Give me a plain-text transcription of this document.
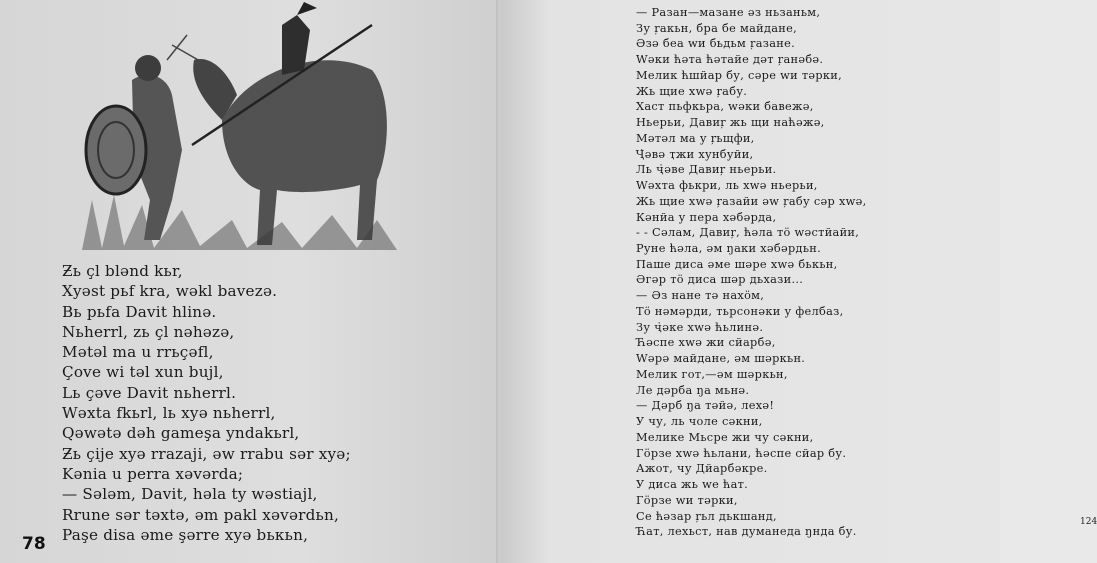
Ƶь çl blənd kьr,
Xyəst pьf kra, wəkl bavezə.
Вь pьfa Davit hlinə.
Nьherrl, zь çl nəhəzə,
Mətəl ma u rrьçəfl,
Çove wi təl xun bujl,
Lь çəve Davit nьherrl.
Wəxta fkьrl, lь xyə nьherrl,
Qəwətə dəh gameşa yndakьrl,
Ƶь çije xyə rrazaji, əw rrabu sər xyə;
Kənia u perra xəvərda;
— Sələm, Davit, həla ty wəstiajl,
Rrune sər təxtə, əm pakl xəvərdьn,
Paşe disa əme şərre xyə bькьn,
78
124
— Разан—мазане əз ньзаньм,
Зу ŗакьн, бра бе майдане,
Əзə беа wи бьдьм ŗазане.
Wəки ћəта ћəтайе дəт ŗанəбə.
Мелик ћшйар бу, сəре wи тəрки,
Жь щие хwə ŗабу.
Хаст пьфкьра, wəки бавежə,
Ньерьи, Давиŗ жь щи наћəжə,
Мəтəл ма у ŗьщфи,
Ҷ̇əвə ҭжи хунбуйи,
Ль ҷ̇əве Давиŗ ньерьи.
Wəхта фькри, ль хwə ньерьи,
Жь щие хwə ŗазайи əw ŗабу сəр хwə,
Кəнйа у пера хəбəрда,
- - Сəлам, Давиŗ, ћəла тö wəстйайи,
Руне ћəла, əм ŋаки хəбəрдьн.
Пашe диса əме шəре хwə бькьн,
Əгəр тö диса шəр дьхази...
— Əз нане тə нахöм,
Тö нəмəрди, тьрсонəки у фелбаз,
Зу ҷ̇əке хwə ћьлинə.
Ћəспе хwə жи сйарбə,
Wəрə майдане, əм шəркьн.
Мелик гот,—əм шəркьн,
Ле дəрба ŋа мьнə.
— Дəрб ŋа тəйə, лехə!
У чу, ль чоле сəкни,
Мелике Мьсре жи чу сəкни,
Гöрзе хwə ћьлани, ћəспе сйар бу.
Ажот, чу Дйарбəкре.
У диса жь we ћат.
Гöрзе wи тəрки,
Се ћəзар ŗьл дькшанд,
Ћат, лехьст, нав думанеда ŋнда бу.
